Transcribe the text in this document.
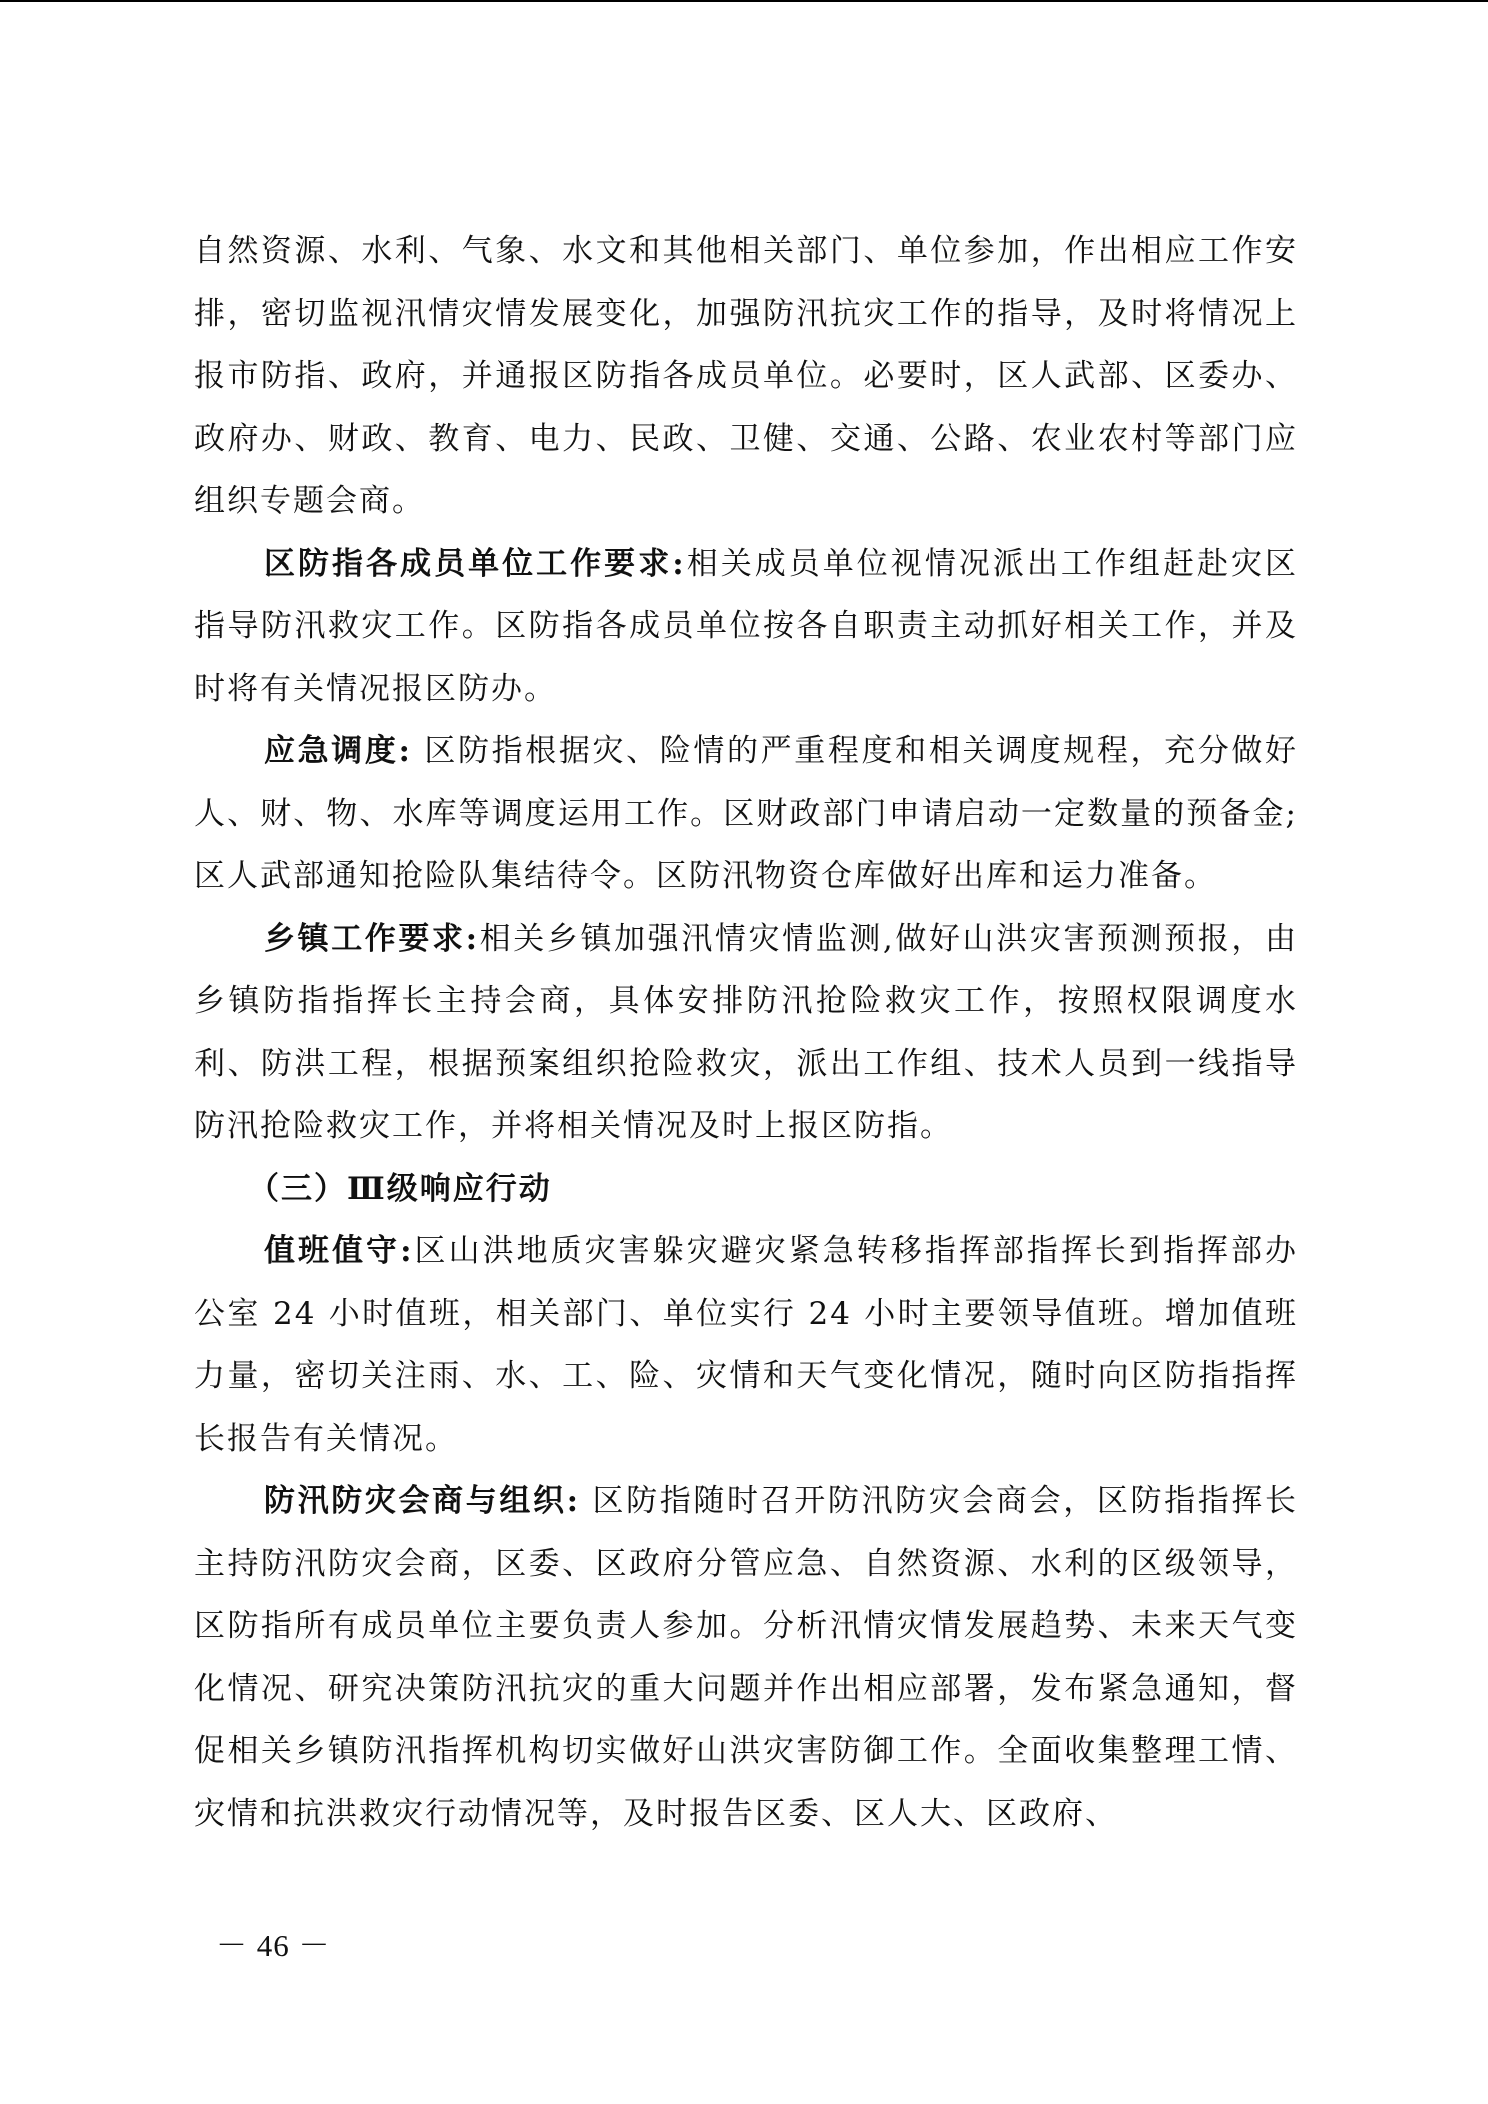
自然资源、水利、气象、水文和其他相关部门、单位参加，作出相应工作安排，密切监视汛情灾情发展变化，加强防汛抗灾工作的指导，及时将情况上报市防指、政府，并通报区防指各成员单位。必要时，区人武部、区委办、政府办、财政、教育、电力、民政、卫健、交通、公路、农业农村等部门应组织专题会商。

区防指各成员单位工作要求:相关成员单位视情况派出工作组赶赴灾区指导防汛救灾工作。区防指各成员单位按各自职责主动抓好相关工作，并及时将有关情况报区防办。

应急调度: 区防指根据灾、险情的严重程度和相关调度规程，充分做好人、财、物、水库等调度运用工作。区财政部门申请启动一定数量的预备金;区人武部通知抢险队集结待令。区防汛物资仓库做好出库和运力准备。

乡镇工作要求:相关乡镇加强汛情灾情监测,做好山洪灾害预测预报，由乡镇防指指挥长主持会商，具体安排防汛抢险救灾工作，按照权限调度水利、防洪工程，根据预案组织抢险救灾，派出工作组、技术人员到一线指导防汛抢险救灾工作，并将相关情况及时上报区防指。

（三）Ⅲ级响应行动

值班值守:区山洪地质灾害躲灾避灾紧急转移指挥部指挥长到指挥部办公室 24 小时值班，相关部门、单位实行 24 小时主要领导值班。增加值班力量，密切关注雨、水、工、险、灾情和天气变化情况，随时向区防指指挥长报告有关情况。

防汛防灾会商与组织: 区防指随时召开防汛防灾会商会，区防指指挥长主持防汛防灾会商，区委、区政府分管应急、自然资源、水利的区级领导，区防指所有成员单位主要负责人参加。分析汛情灾情发展趋势、未来天气变化情况、研究决策防汛抗灾的重大问题并作出相应部署，发布紧急通知，督促相关乡镇防汛指挥机构切实做好山洪灾害防御工作。全面收集整理工情、灾情和抗洪救灾行动情况等，及时报告区委、区人大、区政府、

－ 46 －
